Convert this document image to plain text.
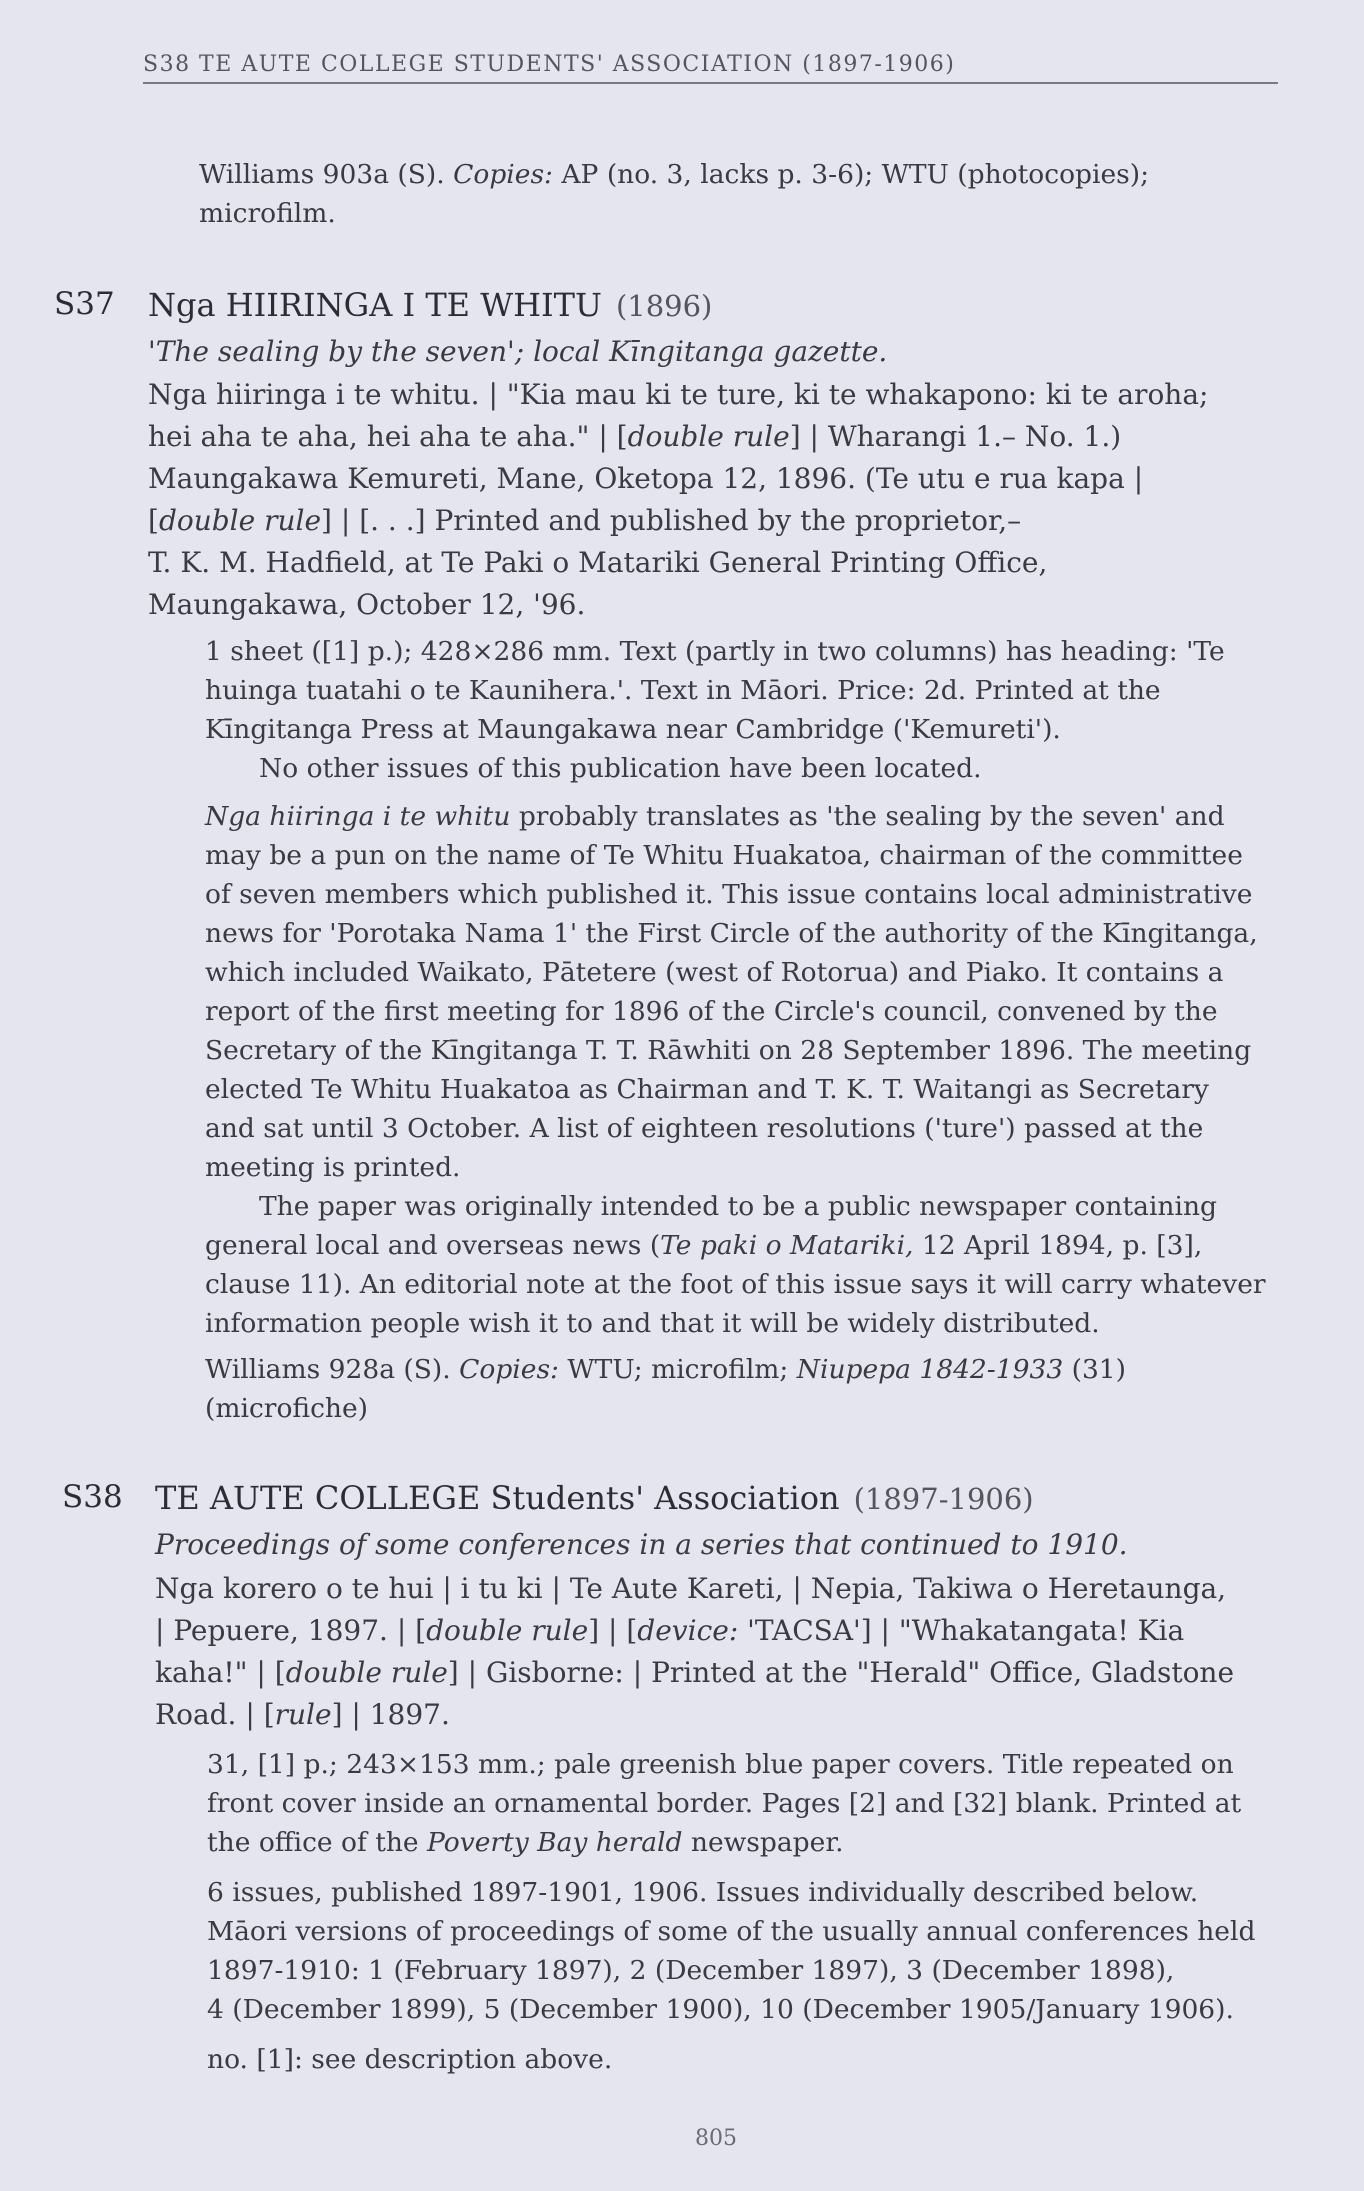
S38 TE AUTE COLLEGE STUDENTS' ASSOCIATION (1897-1906)

Williams 903a (S). Copies: AP (no. 3, lacks p. 3-6); WTU (photocopies);

microfilm.

S37 Nga HIIRINGA I TE WHITU (1896)

'The sealing by the seven'; local Kīngitanga gazette.

Nga hiiringa i te whitu. | "Kia mau ki te ture, ki te whakapono: ki te aroha;

hei aha te aha, hei aha te aha." | [double rule] | Wharangi 1.– No. 1.)

Maungakawa Kemureti, Mane, Oketopa 12, 1896. (Te utu e rua kapa |

[double rule] | [. . .] Printed and published by the proprietor,–

T. K. M. Hadfield, at Te Paki o Matariki General Printing Office,

Maungakawa, October 12, '96.

1 sheet ([1] p.); 428×286 mm. Text (partly in two columns) has heading: 'Te

huinga tuatahi o te Kaunihera.'. Text in Māori. Price: 2d. Printed at the

Kīngitanga Press at Maungakawa near Cambridge ('Kemureti').

No other issues of this publication have been located.

Nga hiiringa i te whitu probably translates as 'the sealing by the seven' and

may be a pun on the name of Te Whitu Huakatoa, chairman of the committee

of seven members which published it. This issue contains local administrative

news for 'Porotaka Nama 1' the First Circle of the authority of the Kīngitanga,

which included Waikato, Pātetere (west of Rotorua) and Piako. It contains a

report of the first meeting for 1896 of the Circle's council, convened by the

Secretary of the Kīngitanga T. T. Rāwhiti on 28 September 1896. The meeting

elected Te Whitu Huakatoa as Chairman and T. K. T. Waitangi as Secretary

and sat until 3 October. A list of eighteen resolutions ('ture') passed at the

meeting is printed.

The paper was originally intended to be a public newspaper containing

general local and overseas news (Te paki o Matariki, 12 April 1894, p. [3],

clause 11). An editorial note at the foot of this issue says it will carry whatever

information people wish it to and that it will be widely distributed.

Williams 928a (S). Copies: WTU; microfilm; Niupepa 1842-1933 (31)

(microfiche)

S38 TE AUTE COLLEGE Students' Association (1897-1906)

Proceedings of some conferences in a series that continued to 1910.

Nga korero o te hui | i tu ki | Te Aute Kareti, | Nepia, Takiwa o Heretaunga,

| Pepuere, 1897. | [double rule] | [device: 'TACSA'] | "Whakatangata! Kia

kaha!" | [double rule] | Gisborne: | Printed at the "Herald" Office, Gladstone

Road. | [rule] | 1897.

31, [1] p.; 243×153 mm.; pale greenish blue paper covers. Title repeated on

front cover inside an ornamental border. Pages [2] and [32] blank. Printed at

the office of the Poverty Bay herald newspaper.

6 issues, published 1897-1901, 1906. Issues individually described below.

Māori versions of proceedings of some of the usually annual conferences held

1897-1910: 1 (February 1897), 2 (December 1897), 3 (December 1898),

4 (December 1899), 5 (December 1900), 10 (December 1905/January 1906).

no. [1]: see description above.

805
